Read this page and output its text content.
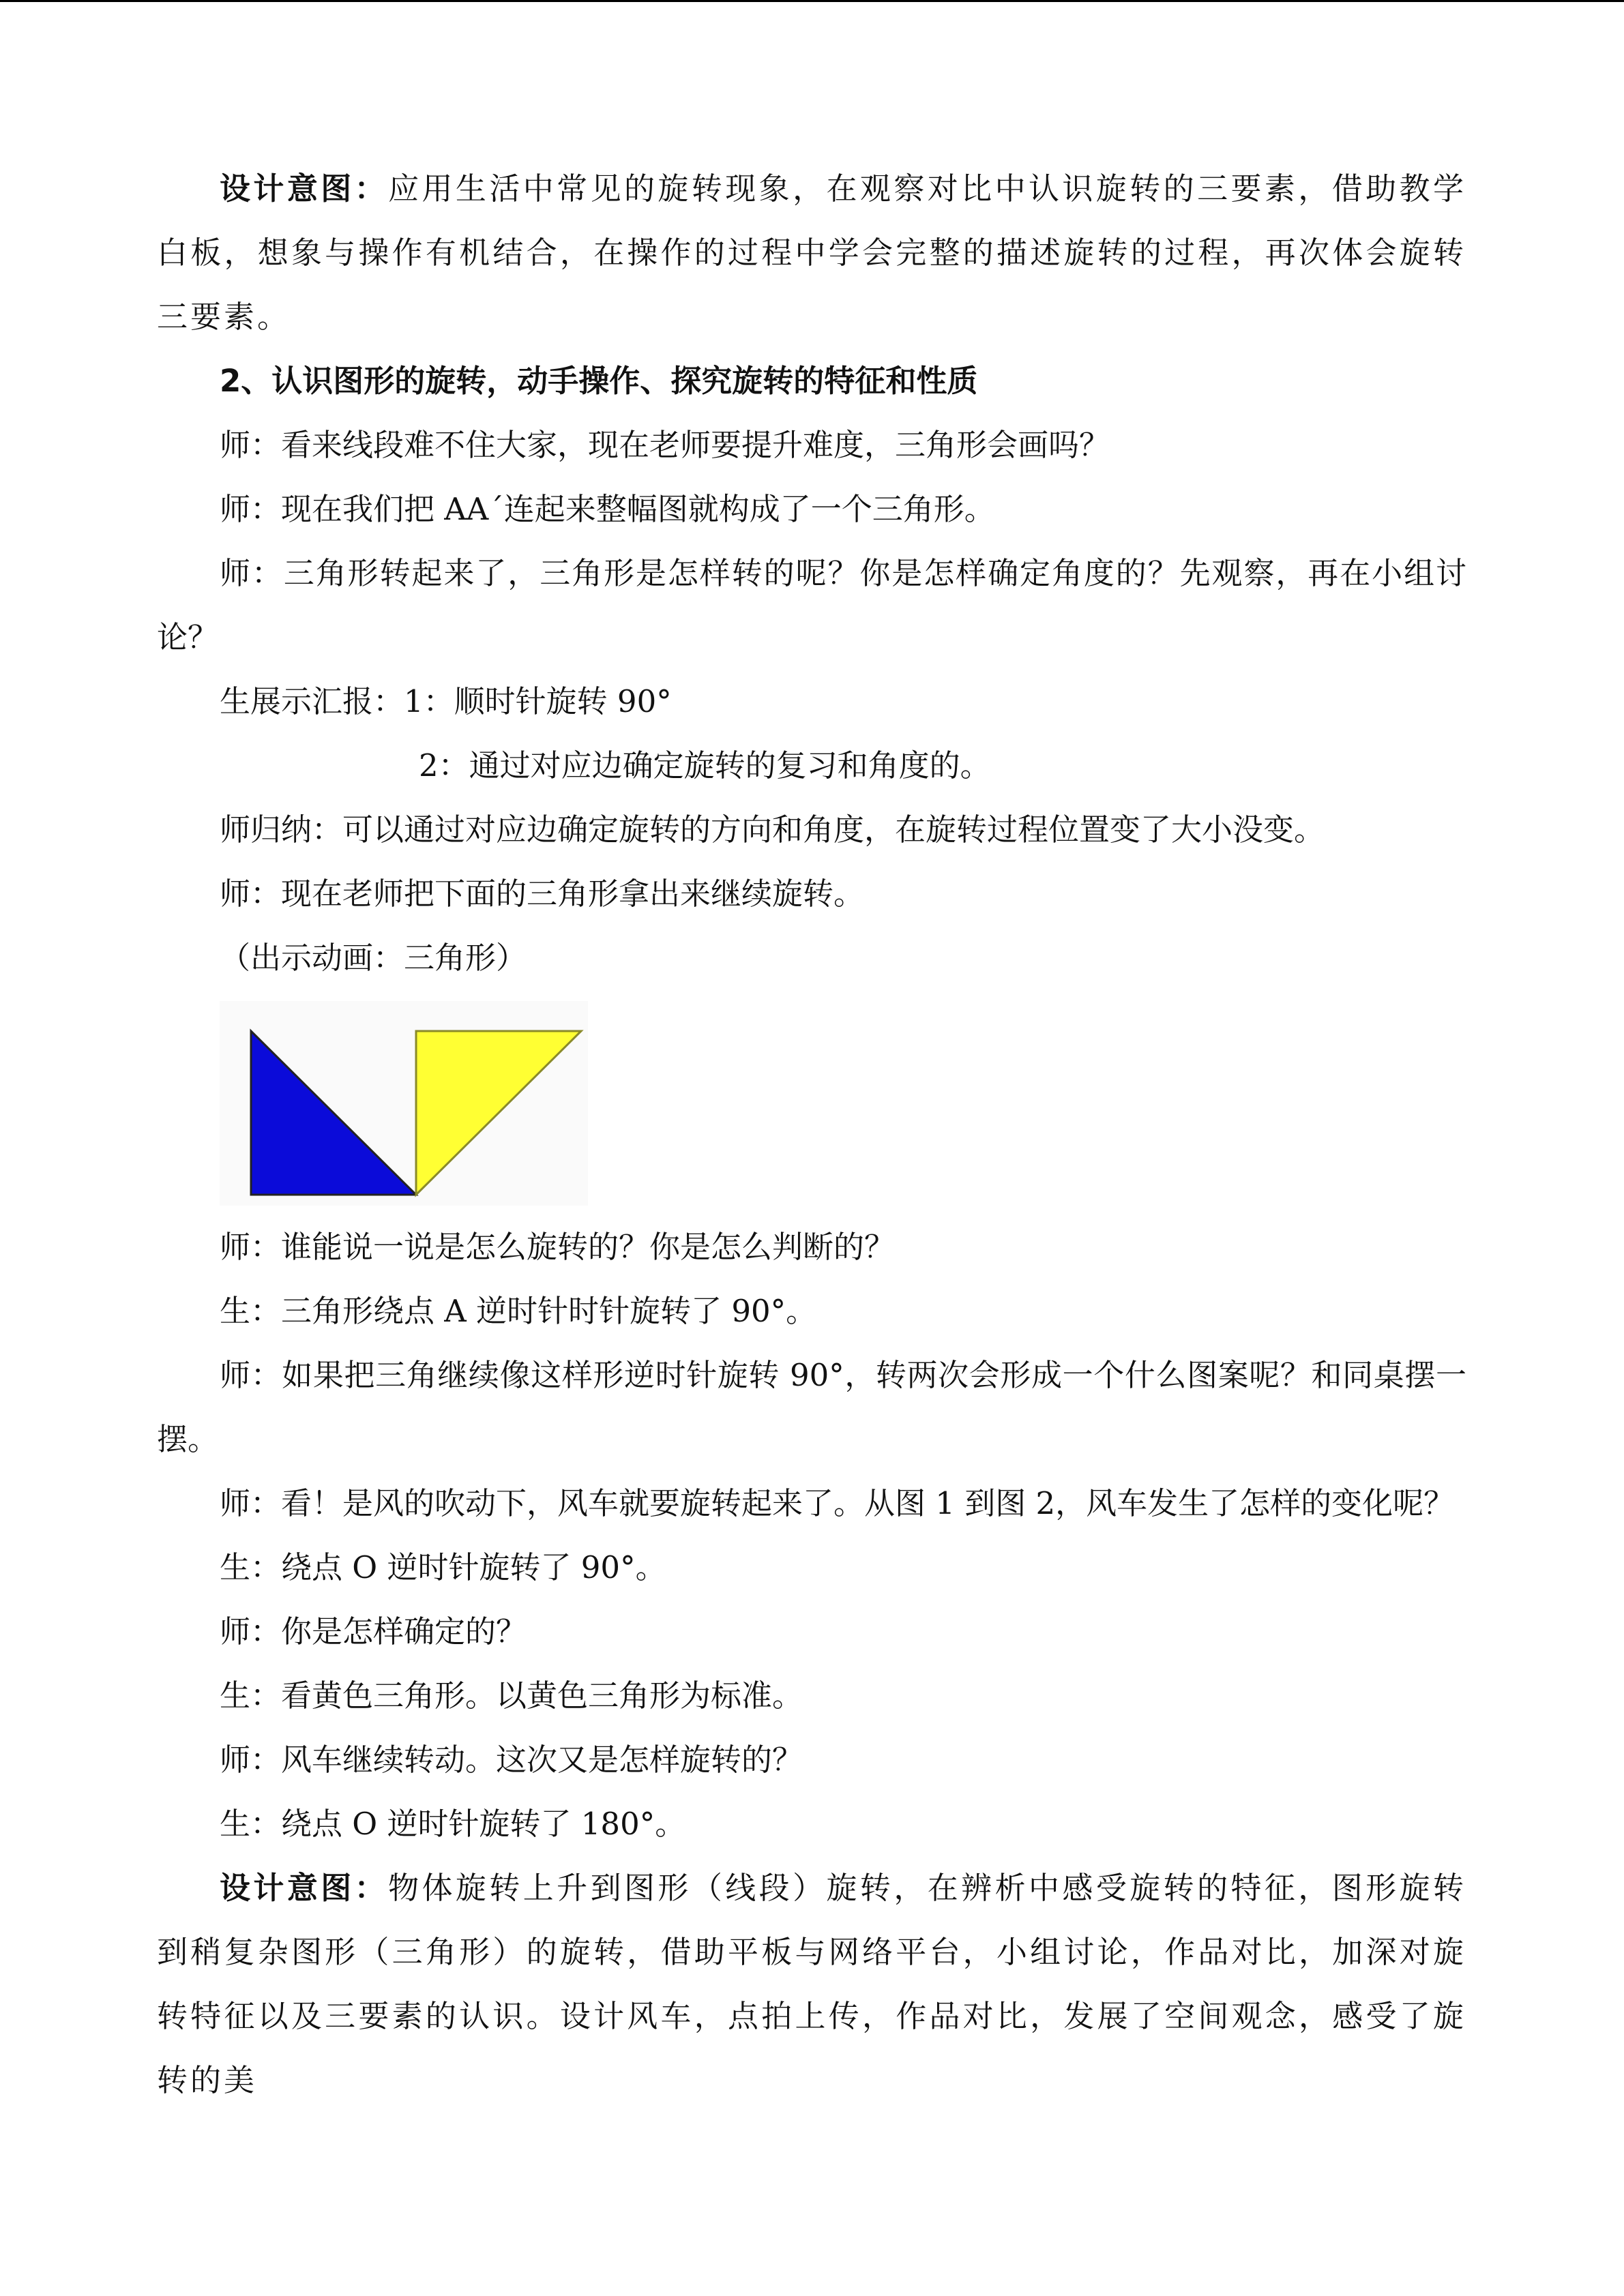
设计意图：应用生活中常见的旋转现象，在观察对比中认识旋转的三要素，借助教学白板，想象与操作有机结合，在操作的过程中学会完整的描述旋转的过程，再次体会旋转三要素。

2、认识图形的旋转，动手操作、探究旋转的特征和性质

师：看来线段难不住大家，现在老师要提升难度，三角形会画吗？

师：现在我们把 AA´连起来整幅图就构成了一个三角形。

师：三角形转起来了，三角形是怎样转的呢？你是怎样确定角度的？先观察，再在小组讨论？

生展示汇报：1：顺时针旋转 90°

2：通过对应边确定旋转的复习和角度的。

师归纳：可以通过对应边确定旋转的方向和角度，在旋转过程位置变了大小没变。

师：现在老师把下面的三角形拿出来继续旋转。

（出示动画：三角形）

师：谁能说一说是怎么旋转的？你是怎么判断的？

生：三角形绕点 A 逆时针时针旋转了 90°。

师：如果把三角继续像这样形逆时针旋转 90°，转两次会形成一个什么图案呢？和同桌摆一摆。

师：看！是风的吹动下，风车就要旋转起来了。从图 1 到图 2，风车发生了怎样的变化呢？

生：绕点 O 逆时针旋转了 90°。

师：你是怎样确定的？

生：看黄色三角形。以黄色三角形为标准。

师：风车继续转动。这次又是怎样旋转的？

生：绕点 O 逆时针旋转了 180°。

设计意图：物体旋转上升到图形（线段）旋转，在辨析中感受旋转的特征，图形旋转到稍复杂图形（三角形）的旋转，借助平板与网络平台，小组讨论，作品对比，加深对旋转特征以及三要素的认识。设计风车，点拍上传，作品对比，发展了空间观念，感受了旋转的美
